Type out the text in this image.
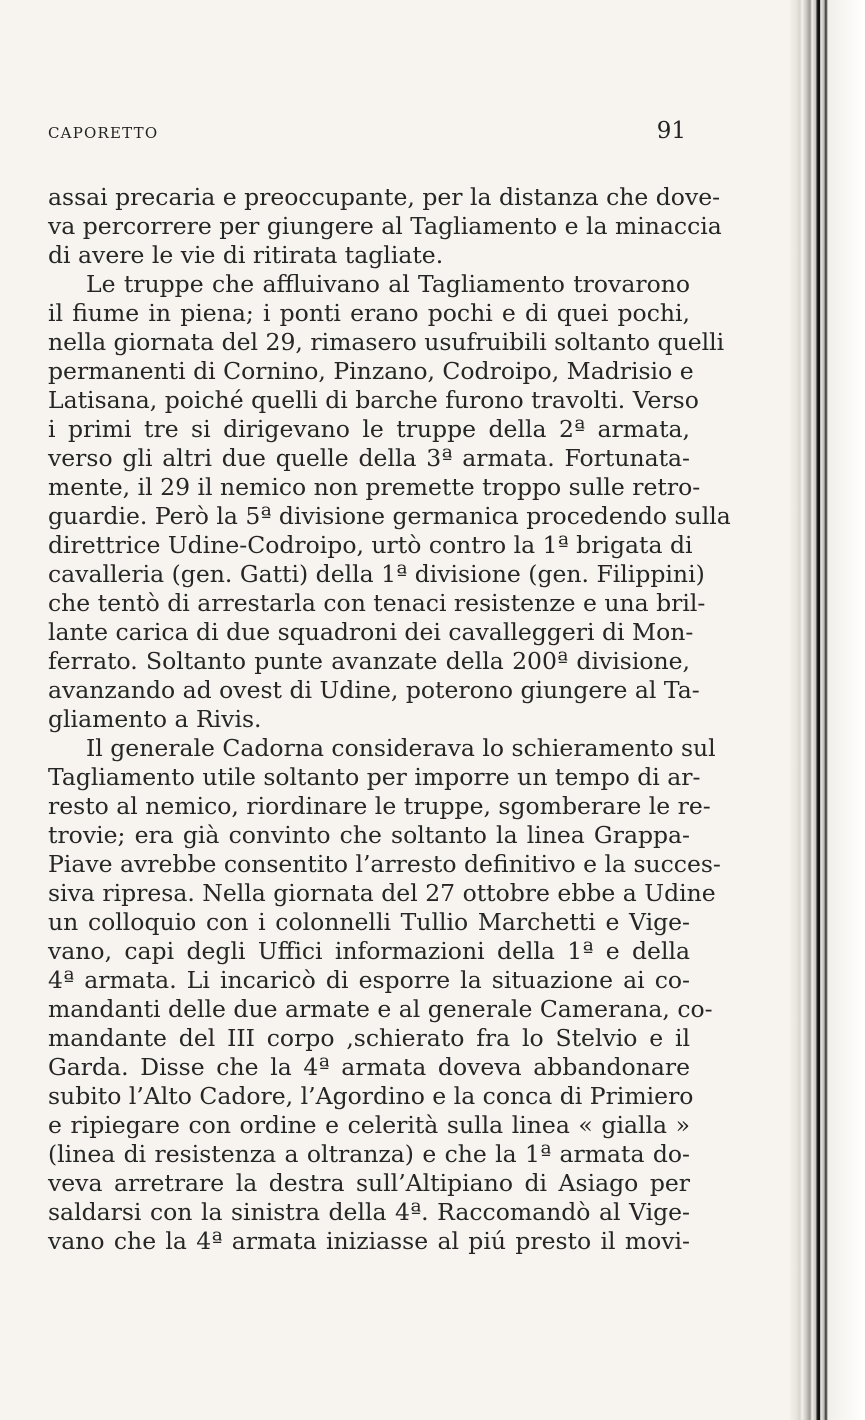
CAPORETTO	91
assai precaria e preoccupante, per la distanza che dove-
va percorrere per giungere al Tagliamento e la minaccia
di avere le vie di ritirata tagliate.
Le truppe che affluivano al Tagliamento trovarono
il fiume in piena; i ponti erano pochi e di quei pochi,
nella giornata del 29, rimasero usufruibili soltanto quelli
permanenti di Cornino, Pinzano, Codroipo, Madrisio e
Latisana, poiché quelli di barche furono travolti. Verso
i primi tre si dirigevano le truppe della 2ª armata,
verso gli altri due quelle della 3ª armata. Fortunata-
mente, il 29 il nemico non premette troppo sulle retro-
guardie. Però la 5ª divisione germanica procedendo sulla
direttrice Udine-Codroipo, urtò contro la 1ª brigata di
cavalleria (gen. Gatti) della 1ª divisione (gen. Filippini)
che tentò di arrestarla con tenaci resistenze e una bril-
lante carica di due squadroni dei cavalleggeri di Mon-
ferrato. Soltanto punte avanzate della 200ª divisione,
avanzando ad ovest di Udine, poterono giungere al Ta-
gliamento a Rivis.
Il generale Cadorna considerava lo schieramento sul
Tagliamento utile soltanto per imporre un tempo di ar-
resto al nemico, riordinare le truppe, sgomberare le re-
trovie; era già convinto che soltanto la linea Grappa-
Piave avrebbe consentito l’arresto definitivo e la succes-
siva ripresa. Nella giornata del 27 ottobre ebbe a Udine
un colloquio con i colonnelli Tullio Marchetti e Vige-
vano, capi degli Uffici informazioni della 1ª e della
4ª armata. Li incaricò di esporre la situazione ai co-
mandanti delle due armate e al generale Camerana, co-
mandante del III corpo ,schierato fra lo Stelvio e il
Garda. Disse che la 4ª armata doveva abbandonare
subito l’Alto Cadore, l’Agordino e la conca di Primiero
e ripiegare con ordine e celerità sulla linea « gialla »
(linea di resistenza a oltranza) e che la 1ª armata do-
veva arretrare la destra sull’Altipiano di Asiago per
saldarsi con la sinistra della 4ª. Raccomandò al Vige-
vano che la 4ª armata iniziasse al piú presto il movi-
